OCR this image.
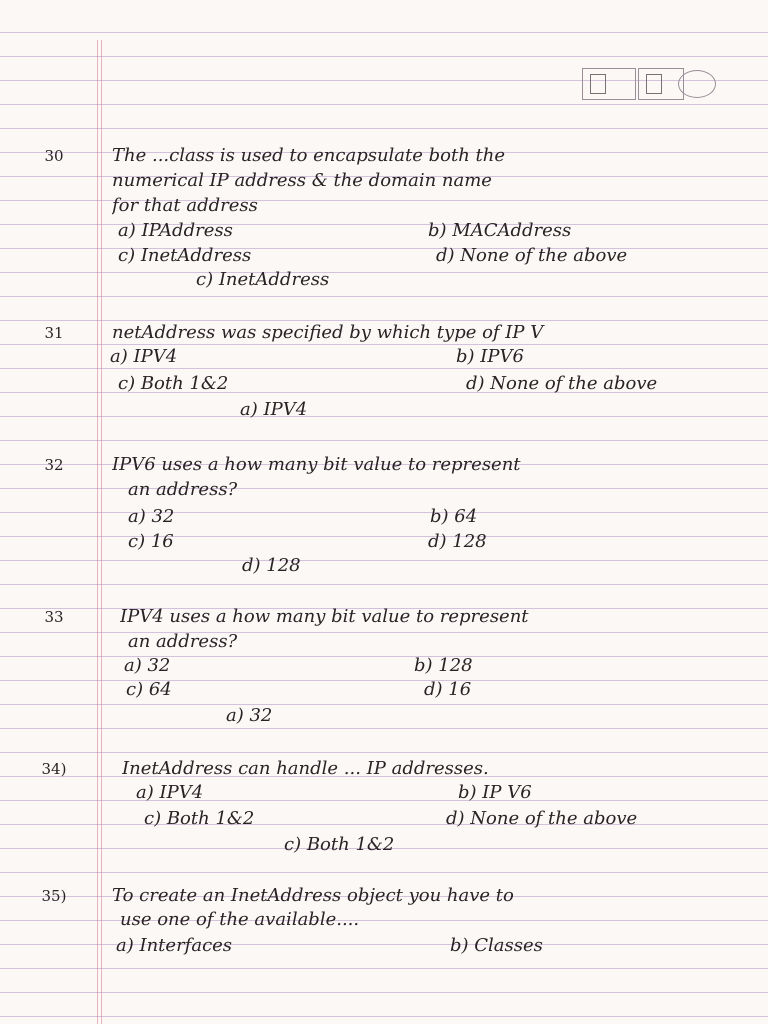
30	The ...class is used to encapsulate both the
numerical IP address & the domain name
for that address
a) IPAddress	b) MACAddress
c) InetAddress	d) None of the above
c) InetAddress
31	netAddress was specified by which type of IP V
a) IPV4	b) IPV6
c) Both 1&2	d) None of the above
a) IPV4
32	IPV6 uses a how many bit value to represent
an address?
a) 32	b) 64
c) 16	d) 128
d) 128
33	IPV4 uses a how many bit value to represent
an address?
a) 32	b) 128
c) 64	d) 16
a) 32
34)	InetAddress can handle ... IP addresses.
a) IPV4	b) IP V6
c) Both 1&2	d) None of the above
c) Both 1&2
35)	To create an InetAddress object you have to
use one of the available....
a) Interfaces	b) Classes
